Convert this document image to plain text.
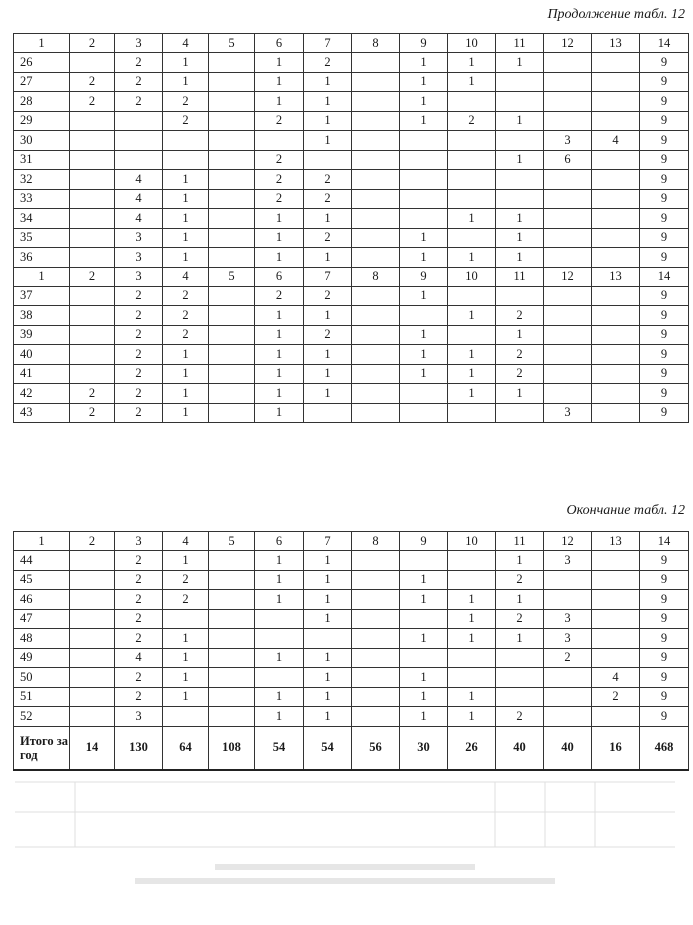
Продолжение табл. 12
1	2	3	4	5	6	7	8	9	10	11	12	13	14
26		2	1		1	2		1	1	1			9
27	2	2	1		1	1		1	1				9
28	2	2	2		1	1		1					9
29			2		2	1		1	2	1			9
30						1					3	4	9
31					2					1	6		9
32		4	1		2	2							9
33		4	1		2	2							9
34		4	1		1	1			1	1			9
35		3	1		1	2		1		1			9
36		3	1		1	1		1	1	1			9
1	2	3	4	5	6	7	8	9	10	11	12	13	14
37		2	2		2	2		1					9
38		2	2		1	1			1	2			9
39		2	2		1	2		1		1			9
40		2	1		1	1		1	1	2			9
41		2	1		1	1		1	1	2			9
42	2	2	1		1	1			1	1			9
43	2	2	1		1						3		9
Окончание табл. 12
1	2	3	4	5	6	7	8	9	10	11	12	13	14
44		2	1		1	1				1	3		9
45		2	2		1	1		1		2			9
46		2	2		1	1		1	1	1			9
47		2				1			1	2	3		9
48		2	1					1	1	1	3		9
49		4	1		1	1					2		9
50		2	1			1		1				4	9
51		2	1		1	1		1	1			2	9
52		3			1	1		1	1	2			9
Итого за год	14	130	64	108	54	54	56	30	26	40	40	16	468
